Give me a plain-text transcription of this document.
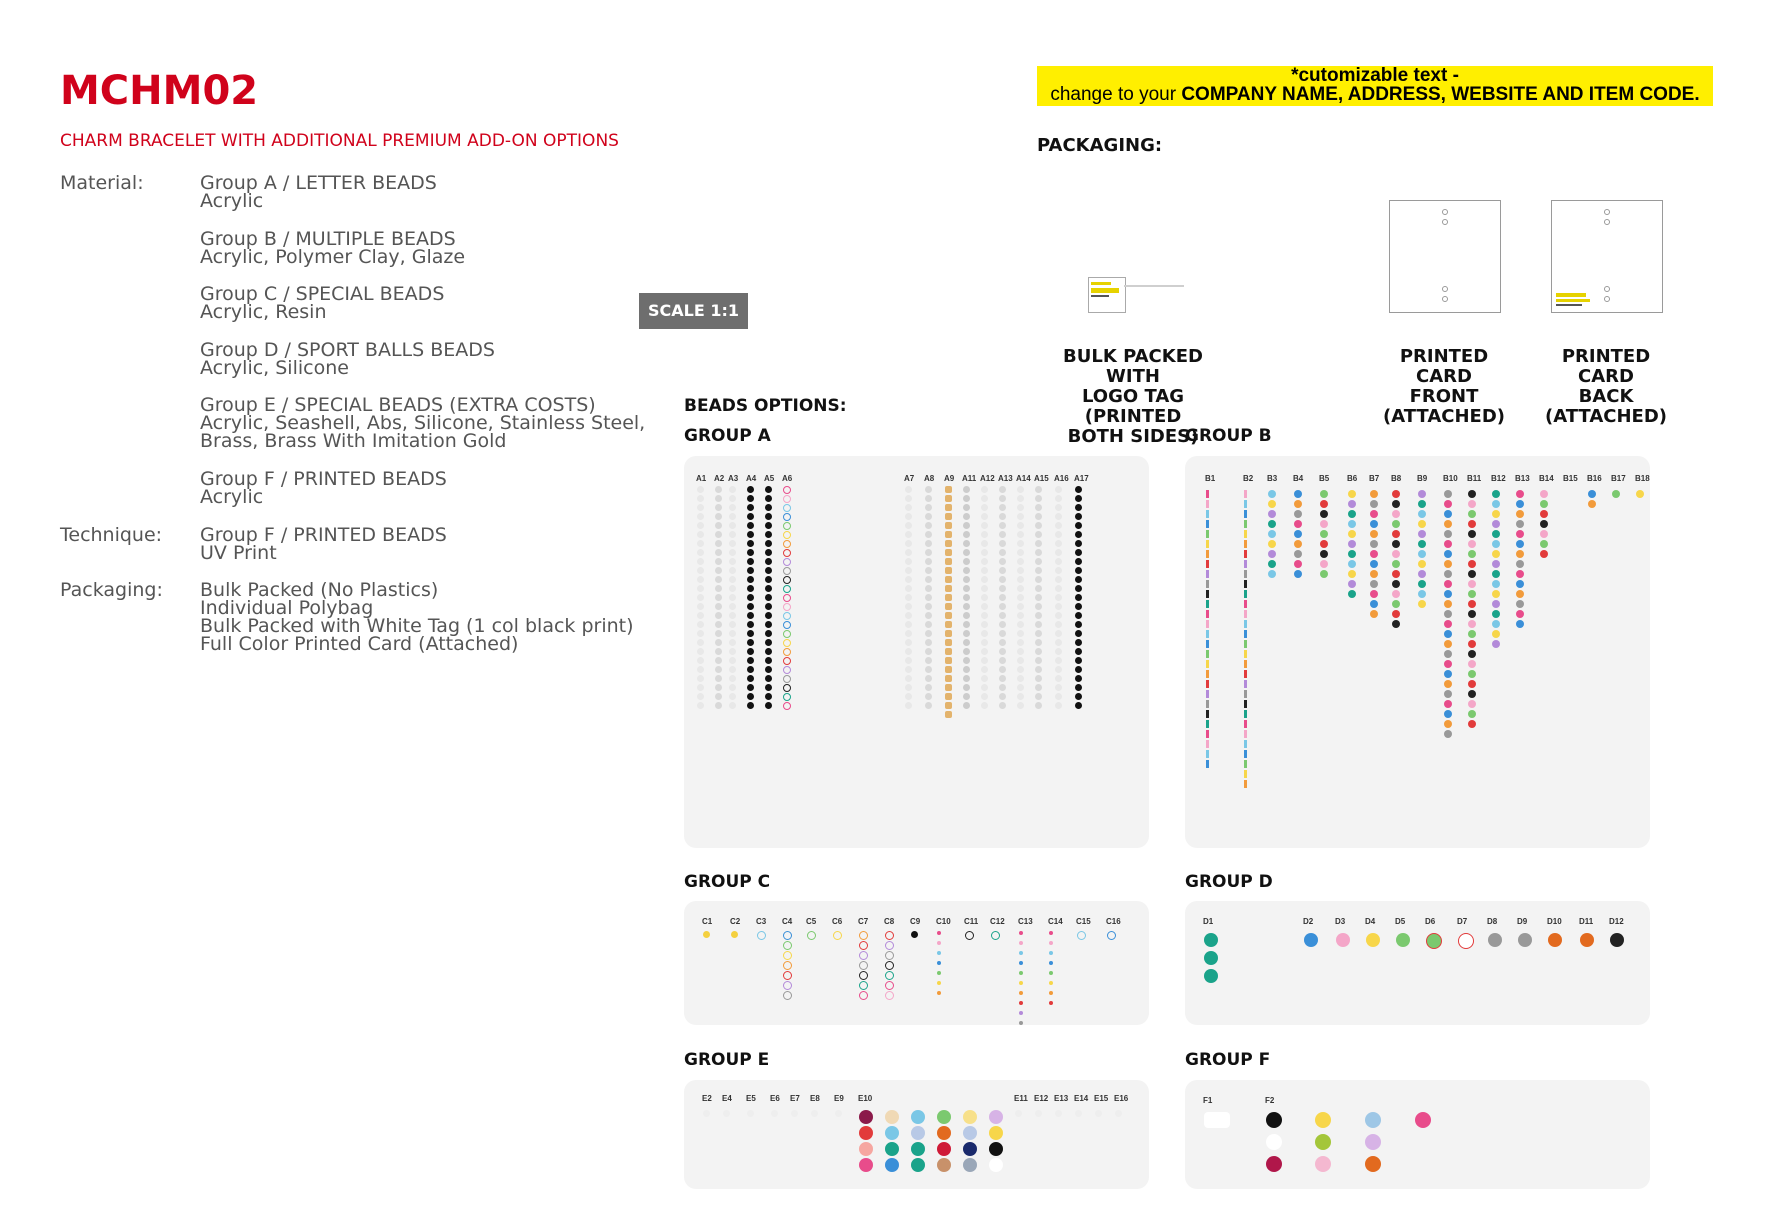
MCHM02
CHARM BRACELET WITH ADDITIONAL PREMIUM ADD-ON OPTIONS
Material:	Group A / LETTER BEADS
Acrylic
Group B / MULTIPLE BEADS
Acrylic, Polymer Clay, Glaze
Group C / SPECIAL BEADS
Acrylic, Resin
Group D / SPORT BALLS BEADS
Acrylic, Silicone
Group E / SPECIAL BEADS (EXTRA COSTS)
Acrylic, Seashell, Abs, Silicone, Stainless Steel,
Brass, Brass With Imitation Gold
Group F / PRINTED BEADS
Acrylic
Technique: Group F / PRINTED BEADS
UV Print
Packaging: Bulk Packed (No Plastics)
Individual Polybag
Bulk Packed with White Tag (1 col black print)
Full Color Printed Card (Attached)
*cutomizable text -
change to your COMPANY NAME, ADDRESS, WEBSITE AND ITEM CODE.
PACKAGING:
SCALE 1:1
BULK PACKED WITH
LOGO TAG (PRINTED
BOTH SIDES)
PRINTED CARD
FRONT
(ATTACHED)
PRINTED CARD
BACK
(ATTACHED)
BEADS OPTIONS:
GROUP A	GROUP B
GROUP C	GROUP D
GROUP E	GROUP F
A1 A2 A3 A4 A5 A6	A7 A8 A9 A11 A12 A13 A14 A15 A16 A17	B1	B2 B3 B4 B5 B6 B7 B8 B9 B10 B11 B12 B13 B14 B15 B16 B17 B18
C1 C2 C3 C4 C5 C6 C7 C8 C9 C10 C11 C12 C13 C14 C15 C16	D1	D2	D3 D4 D5 D6	D7 D8 D9 D10 D11 D12
E2 E4 E5 E6 E7 E8 E9 E10	E11 E12 E13 E14 E15 E16	F1	F2
